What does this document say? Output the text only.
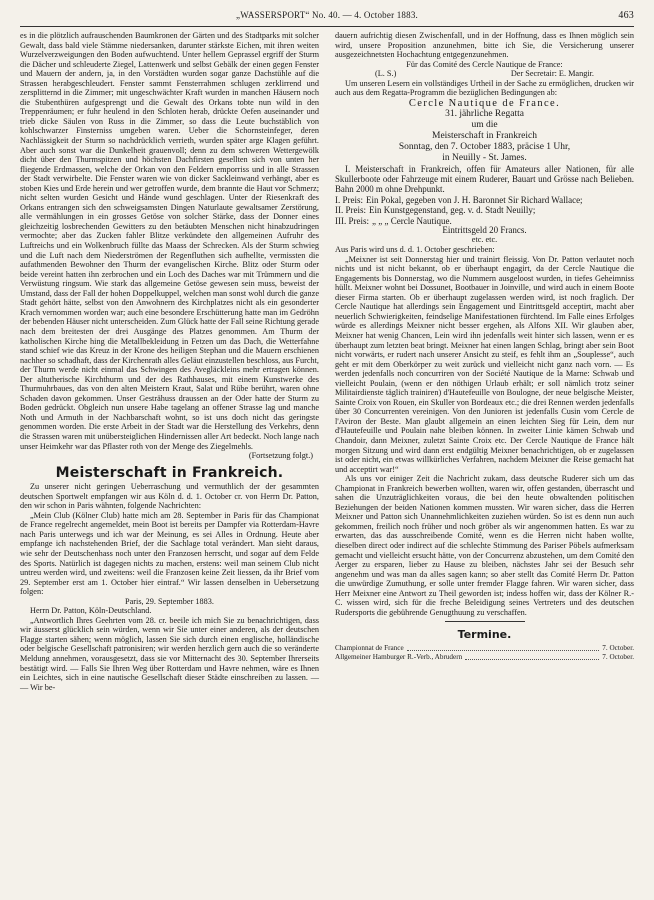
„WASSERSPORT“ No. 40. — 4. October 1883.	463

es in die plötzlich aufrauschenden Baumkronen der Gärten und des Stadtparks mit solcher Gewalt, dass bald viele Stämme niedersanken, darunter stärkste Eichen, mit ihren weiten Wurzelverzweigungen den Boden aufwuchtend. Unter hellem Geprassel ergriff der Sturm die Dächer und schleuderte Ziegel, Lattenwerk und selbst Gebälk der einen gegen Fenster und Mauern der andern, ja, in den Vorstädten wurden sogar ganze Dachstühle auf die Strassen herabgeschleudert. Fenster sammt Fensterrahmen schlugen zerklirrend und zersplitternd in die Zimmer; mit ungeschwächter Kraft wurden in manchen Häusern noch die Stubenthüren aufgesprengt und die Gewalt des Orkans tobte nun wild in den Treppenräumen; er fuhr heulend in den Schloten herab, drückte Oefen auseinander und trieb dicke Säulen von Russ in die Zimmer, so dass die Leute buchstäblich von kohlschwarzer Finsterniss umgeben waren. Ueber die Schornsteinfeger, deren Nachlässigkeit der Sturm so nachdrücklich verrieth, wurden später arge Klagen geführt. Aber auch sonst war die Dunkelheit grauenvoll; denn zu dem schweren Wettergewölk dicht über den Thurmspitzen und höchsten Dachfirsten gesellten sich von unten her fliegende Erdmassen, welche der Orkan von den Feldern emporriss und in alle Strassen der Stadt verwirbelte. Die Fenster waren wie von dicker Sackleinwand verhängt, aber es stoben Kies und Erde herein und wer getroffen wurde, dem brannte die Haut vor Schmerz; nicht selten wurden Gesicht und Hände wund geschlagen. Unter der Riesenkraft des Orkans entrangen sich den schweigsamsten Dingen Naturlaute gewaltsamer Zerstörung, alle vermählungen in ein grosses Getöse von solcher Stärke, dass der Donner eines gleichzeitig losbrechenden Gewitters zu den betäubten Menschen nicht hinabzudringen vermochte; aber das Zucken fahler Blitze verkündete den allgemeinen Aufruhr des Luftreichs und ein Wolkenbruch füllte das Maass der Schrecken. Als der Sturm schwieg und die Luft nach dem Niederströmen der Regenfluthen sich aufhellte, vermissten die aufathmenden Bewohner den Thurm der evangelischen Kirche. Blitz oder Sturm oder beide vereint hatten ihn zerbrochen und ein Loch des Daches war mit Trümmern und die Verwüstung ringsum. Wie stark das allgemeine Getöse gewesen sein muss, beweist der Umstand, dass der Fall der hohen Doppelkuppel, welchen man sonst wohl durch die ganze Stadt gehört hätte, selbst von den Anwohnern des Kirchplatzes nicht als ein gesonderter Krach vernommen worden war; auch eine besondere Erschütterung hatte man im Gedröhn der bebenden Häuser nicht unterscheiden. Zum Glück hatte der Fall seine Richtung gerade nach dem breitesten der drei Ausgänge des Platzes genommen. Am Thurm der katholischen Kirche hing die Metallbekleidung in Fetzen um das Dach, die Wetterfahne stand schief wie das Kreuz in der Krone des heiligen Stephan und die Mauern erschienen nachher so schadhaft, dass der Kirchenrath alles Geläut einzustellen beschloss, aus Furcht, der Thurm werde nicht einmal das Schwingen des Avegläckleins mehr ertragen können. Der altutherische Kirchthurm und der des Rathhauses, mit einem Kunstwerke des Thurmuhrbaues, das von den alten Meistern Kraut, Salat und Rübe berührt, waren ohne Schaden davon gekommen. Unser Gesträhuss draussen an der Oder hatte der Sturm zu Boden gedrückt. Obgleich nun unsere Habe tagelang an offener Strasse lag und manche Noth und Armuth in der Nachbarschaft wohnt, so ist uns doch nicht das geringste genommen worden. Die erste Arbeit in der Stadt war die Herstellung des Verkehrs, denn die Strassen waren mit unübersteiglichen Hindernissen aller Art bedeckt. Noch lange nach unser Heimkehr war das Pflaster roth von der Menge des Ziegelmehls.

(Fortsetzung folgt.)
Meisterschaft in Frankreich.

Zu unserer nicht geringen Ueberraschung und vermuthlich der der gesammten deutschen Sportwelt empfangen wir aus Köln d. d. 1. October cr. von Herrn Dr. Patton, den wir schon in Paris wähnten, folgende Nachrichten:

„Mein Club (Kölner Club) hatte mich am 28. September in Paris für das Championat de France regelrecht angemeldet, mein Boot ist bereits per Dampfer via Rotterdam-Havre nach Paris unterwegs und ich war der Meinung, es sei Alles in Ordnung. Heute aber empfange ich nachstehenden Brief, der die Sachlage total verändert. Man sieht daraus, wie sehr der Deutschenhass noch unter den Franzosen herrscht, und sogar auf dem Felde des Sports. Natürlich ist dagegen nichts zu machen, erstens: weil man seinem Club nicht untreu werden wird, und zweitens: weil die Franzosen keine Zeit liessen, da ihr Brief vom 29. September erst am 1. October hier eintraf.“ Wir lassen denselben in Uebersetzung folgen:

Paris, 29. September 1883.

Herrn Dr. Patton, Köln-Deutschland.

„Antwortlich Ihres Geehrten vom 28. cr. beeile ich mich Sie zu benachrichtigen, dass wir äusserst glücklich sein würden, wenn wir Sie unter einer anderen, als der deutschen Flagge starten sähen; wenn möglich, lassen Sie sich durch einen englische, holländische oder belgische Gesellschaft patronisiren; wir werden herzlich gern auch die so veränderte Meldung annehmen, vorausgesetzt, dass sie vor Mitternacht des 30. September Ihrerseits bestätigt wird. — Falls Sie Ihren Weg über Rotterdam und Havre nehmen, wäre es Ihnen ein Leichtes, sich in eine nautische Gesellschaft dieser Städte einschreiben zu lassen. — — Wir be-

dauern aufrichtig diesen Zwischenfall, und in der Hoffnung, dass es Ihnen möglich sein wird, unsere Proposition anzunehmen, bitte ich Sie, die Versicherung unserer ausgezeichnetsten Hochachtung entgegenzunehmen.

Für das Comité des Cercle Nautique de France:
(L. S.)	Der Secretair: E. Mangir.

Um unseren Lesern ein vollständiges Urtheil in der Sache zu ermöglichen, drucken wir auch aus dem Regatta-Programm die bezüglichen Bedingungen ab:

Cercle Nautique de France.
31. jährliche Regatta
um die
Meisterschaft in Frankreich
Sonntag, den 7. October 1883, präcise 1 Uhr,
in Neuilly - St. James.

I. Meisterschaft in Frankreich, offen für Amateurs aller Nationen, für alle Skullerboote oder Fahrzeuge mit einem Ruderer, Bauart und Grösse nach Belieben. Bahn 2000 m ohne Drehpunkt.

I. Preis: Ein Pokal, gegeben von J. H. Baronnet Sir Richard Wallace;
II. Preis: Ein Kunstgegenstand, geg. v. d. Stadt Neuilly;
III. Preis: „ „ „ Cercle Nautique.
Eintrittsgeld 20 Francs.
etc. etc.

Aus Paris wird uns d. d. 1. October geschrieben:

„Meixner ist seit Donnerstag hier und trainirt fleissig. Von Dr. Patton verlautet noch nichts und ist nicht bekannt, ob er überhaupt engagirt, da der Cercle Nautique die Engagements bis Donnerstag, wo die Nummern ausgeloost wurden, in tiefes Geheimniss hüllt. Meixner wohnt bei Dossunet, Bootbauer in Joinville, und wird auch in einem Boote dieser Firma starten. Ob er überhaupt zugelassen werden wird, ist noch fraglich. Der Cercle Nautique hat allerdings sein Engagement und Eintrittsgeld acceptirt, macht aber neuerlich Schwierigkeiten, feindselige Manifestationen fürchtend. Im Falle eines Erfolges würde es allerdings Meixner nicht besser ergehen, als Alfons XII. Wir glauben aber, Meixner hat wenig Chancen, Lein wird ihn jedenfalls weit hinter sich lassen, wenn er es überhaupt zum letzten beat bringt. Meixner hat einen langen Schlag, bringt aber sein Boot nicht vorwärts, er rudert nach unserer Ansicht zu steif, es fehlt ihm an „Souplesse“, auch geht er mit dem Oberkörper zu weit zurück und vielleicht nicht ganz nach vorn. — Es werden jedenfalls noch concurriren von der Société Nautique de la Marne: Schwab und vielleicht Poulain, (wenn er den nöthigen Urlaub erhält; er soll nämlich trotz seiner Militairdienste täglich trainiren) d'Hautefeuille von Boulogne, der neue belgische Meister, Sainte Croix von Rouen, ein Skuller von Bordeaux etc.; die drei Rennen werden jedenfalls über 30 Concurrenten vereinigen. Von den Junioren ist jedenfalls Cusin vom Cercle de l'Aviron der Beste. Man glaubt allgemein an einen leichten Sieg für Lein, dem nur d'Hautefeuille und Poulain nahe bleiben können. In zweiter Linie kämen Schwab und Chandoir, dann Meixner, zuletzt Sainte Croix etc. Der Cercle Nautique de France hält morgen Sitzung und wird dann erst endgültig Meixner benachrichtigen, ob er zugelassen ist oder nicht, ein etwas willkürliches Verfahren, nachdem Meixner die Reise gemacht hat und acceptirt war!“

Als uns vor einiger Zeit die Nachricht zukam, dass deutsche Ruderer sich um das Championat in Frankreich bewerben wollten, waren wir, offen gestanden, überrascht und sahen die Unzuträglichkeiten voraus, die bei den heute obwaltenden politischen Beziehungen der beiden Nationen kommen mussten. Wir waren sicher, dass die Herren Meixner und Patton sich Unannehmlichkeiten zuziehen würden. So ist es denn nun auch gekommen, freilich noch früher und noch gröber als wir angenommen hatten. Es war zu erwarten, das das ausschreibende Comité, wenn es die Herren nicht haben wollte, dieselben direct oder indirect auf die schlechte Stimmung des Pariser Pöbels aufmerksam gemacht und vielleicht ersucht hätte, von der Concurrenz abzustehen, um dem Comité den Aerger zu ersparen, lieber zu Hause zu bleiben, nächstes Jahr sei der Besuch sehr angenehm und was man da alles sagen kann; so aber stellt das Comité Herrn Dr. Patton die unwürdige Zumuthung, er solle unter fremder Flagge fahren. Wir waren sicher, dass Herr Meixner eine Antwort zu Theil geworden ist; indess hoffen wir, dass der Kölner R.-C. wissen wird, sich für die freche Beleidigung seines Vertreters und des deutschen Rudersports die gebührende Genugthuung zu verschaffen.

Termine.
Championnat de France	7. October.
Allgemeiner Hamburger R.-Verb., Abrudern	7. October.
